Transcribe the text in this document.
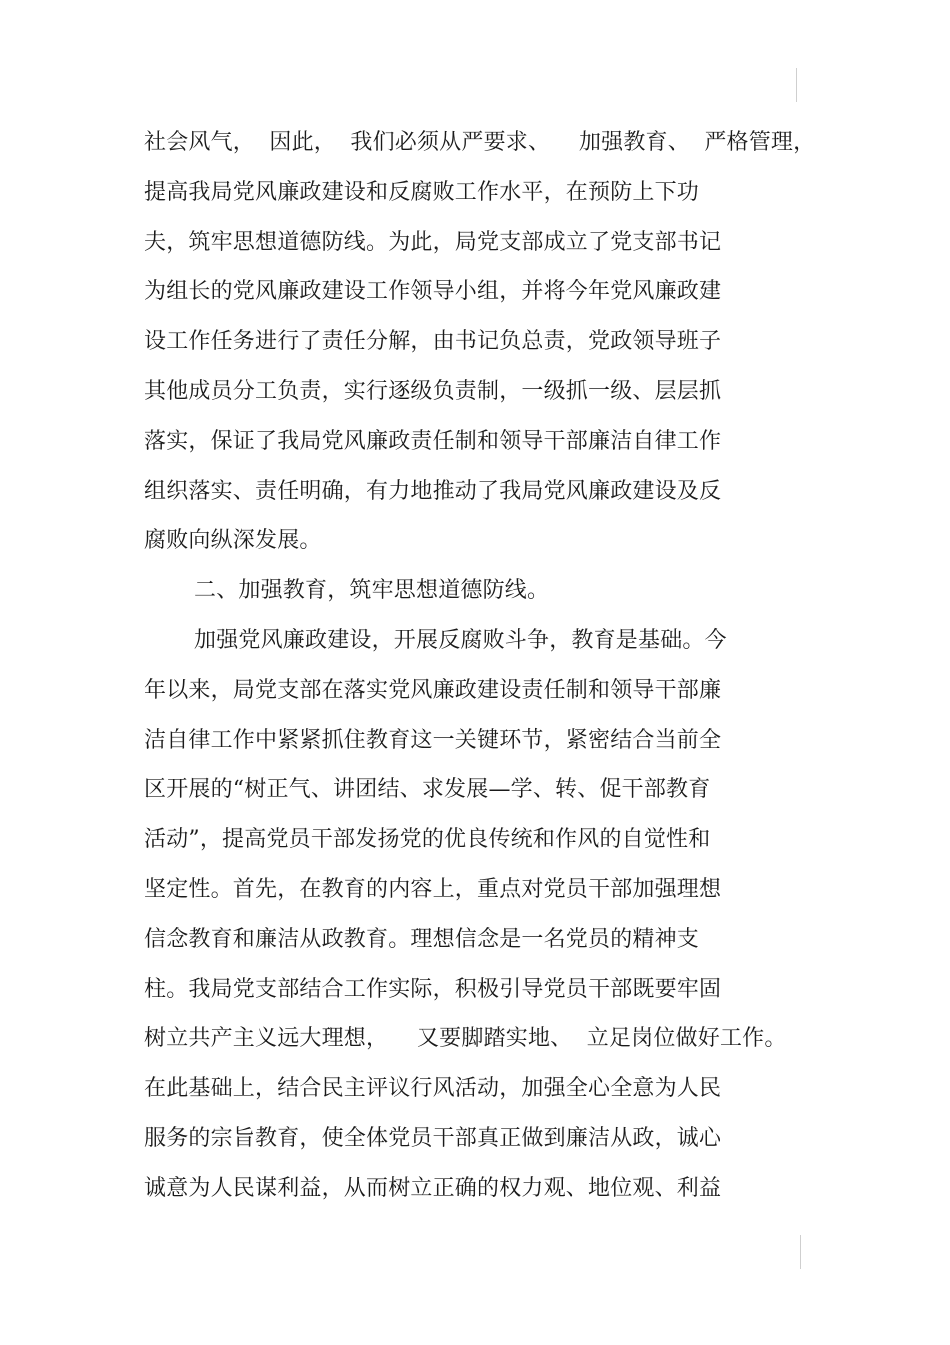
社会风气，  因此，  我们必须从严要求、    加强教育、  严格管理，
提高我局党风廉政建设和反腐败工作水平，在预防上下功
夫，筑牢思想道德防线。为此，局党支部成立了党支部书记
为组长的党风廉政建设工作领导小组，并将今年党风廉政建
设工作任务进行了责任分解，由书记负总责，党政领导班子
其他成员分工负责，实行逐级负责制，一级抓一级、层层抓
落实，保证了我局党风廉政责任制和领导干部廉洁自律工作
组织落实、责任明确，有力地推动了我局党风廉政建设及反
腐败向纵深发展。
二、加强教育，筑牢思想道德防线。
加强党风廉政建设，开展反腐败斗争，教育是基础。今
年以来，局党支部在落实党风廉政建设责任制和领导干部廉
洁自律工作中紧紧抓住教育这一关键环节，紧密结合当前全
区开展的“树正气、讲团结、求发展—学、转、促干部教育
活动”，提高党员干部发扬党的优良传统和作风的自觉性和
坚定性。首先，在教育的内容上，重点对党员干部加强理想
信念教育和廉洁从政教育。理想信念是一名党员的精神支
柱。我局党支部结合工作实际，积极引导党员干部既要牢固
树立共产主义远大理想，    又要脚踏实地、  立足岗位做好工作。
在此基础上，结合民主评议行风活动，加强全心全意为人民
服务的宗旨教育，使全体党员干部真正做到廉洁从政，诚心
诚意为人民谋利益，从而树立正确的权力观、地位观、利益
